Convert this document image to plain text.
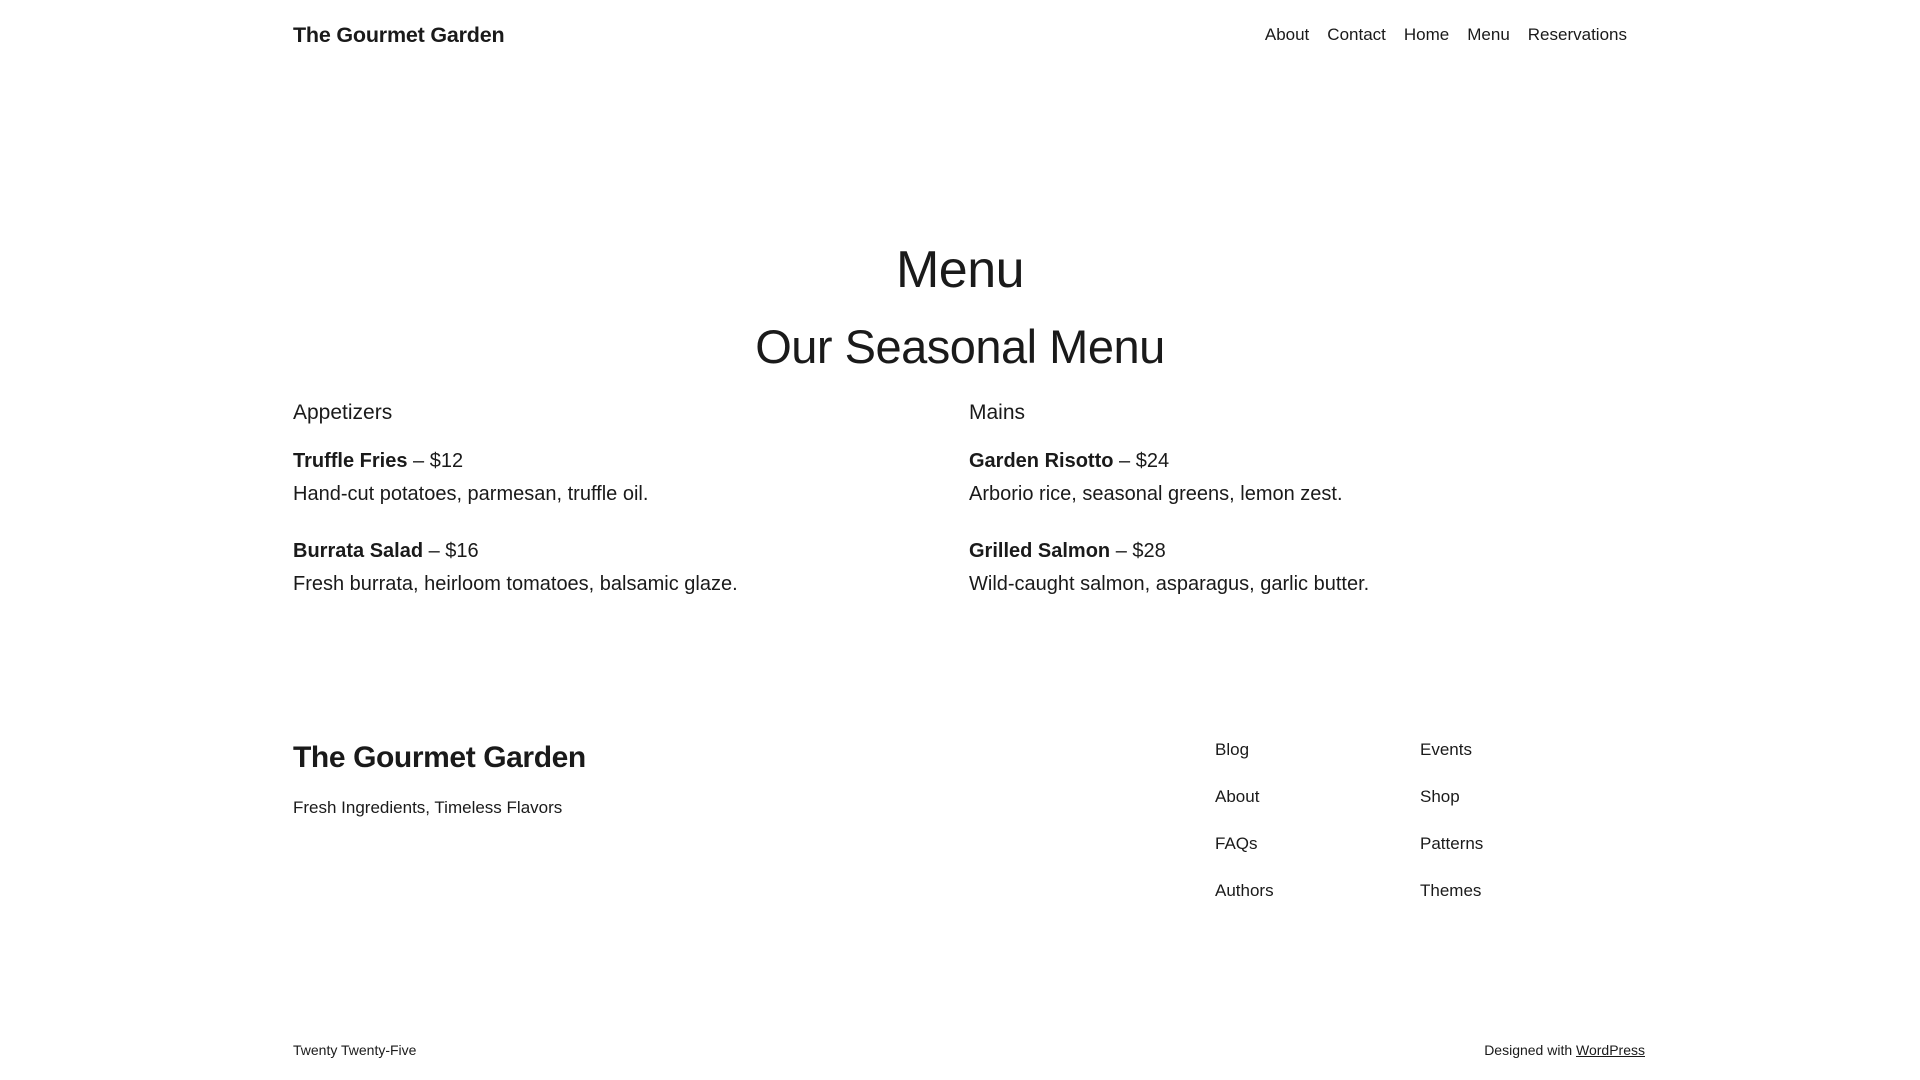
The Gourmet Garden	About Contact Home Menu Reservations
Menu
Our Seasonal Menu
Appetizers
Truffle Fries – $12
Hand-cut potatoes, parmesan, truffle oil.
Burrata Salad – $16
Fresh burrata, heirloom tomatoes, balsamic glaze.
Mains
Garden Risotto – $24
Arborio rice, seasonal greens, lemon zest.
Grilled Salmon – $28
Wild-caught salmon, asparagus, garlic butter.
The Gourmet Garden
Fresh Ingredients, Timeless Flavors
Blog
About
FAQs
Authors
Events
Shop
Patterns
Themes
Twenty Twenty-Five	Designed with WordPress
